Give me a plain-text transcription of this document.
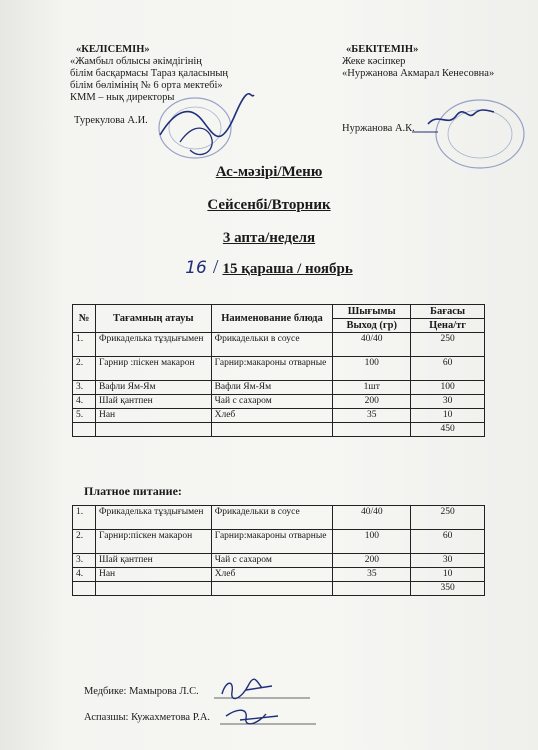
«КЕЛІСЕМІН»
«Жамбыл облысы әкімдігінің
білім басқармасы Тараз қаласының
білім бөлімінің № 6 орта мектебі»
КММ – нық директоры
Турекулова А.И.
«БЕКІТЕМІН»
Жеке кәсіпкер
«Нуржанова Акмарал Кенесовна»
Нуржанова А.К.
Ас-мәзірі/Меню
Сейсенбі/Вторник
3 апта/неделя
16 / 15 қараша / ноябрь
№	Тағамның атауы	Наименование блюда	Шығымы	Бағасы
			Выход (гр)	Цена/тг
1.	Фрикаделька тұздығымен	Фрикадельки в соусе	40/40	250
2.	Гарнир :піскен макарон	Гарнир:макароны отварные	100	60
3.	Вафли Ям-Ям	Вафли Ям-Ям	1шт	100
4.	Шай қантпен	Чай с сахаром	200	30
5.	Нан	Хлеб	35	10
				450
Платное питание:
1.	Фрикаделька тұздығымен	Фрикадельки в соусе	40/40	250
2.	Гарнир:піскен макарон	Гарнир:макароны отварные	100	60
3.	Шай қантпен	Чай с сахаром	200	30
4.	Нан	Хлеб	35	10
				350
Медбике: Мамырова Л.С.
Аспазшы: Кужахметова Р.А.
